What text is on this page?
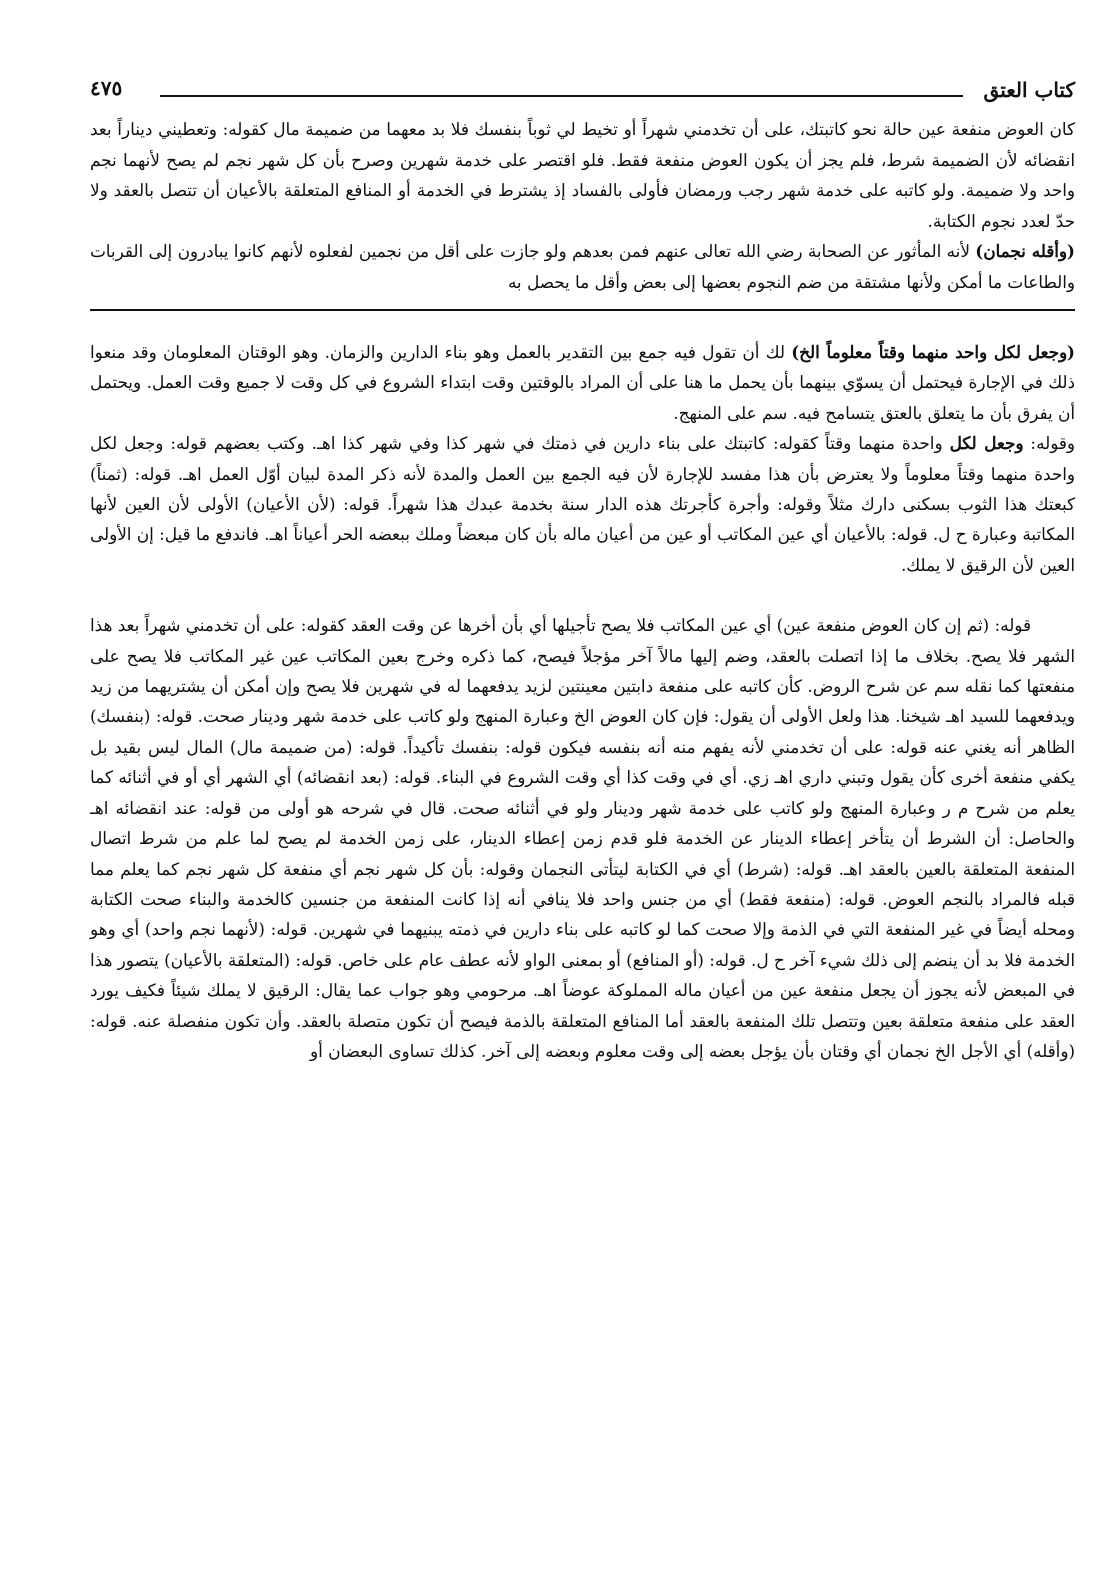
كتاب العتق
٤٧٥

كان العوض منفعة عين حالة نحو كاتبتك، على أن تخدمني شهراً أو تخيط لي ثوباً بنفسك فلا بد معهما من ضميمة مال كقوله: وتعطيني ديناراً بعد انقضائه لأن الضميمة شرط، فلم يجز أن يكون العوض منفعة فقط. فلو اقتصر على خدمة شهرين وصرح بأن كل شهر نجم لم يصح لأنهما نجم واحد ولا ضميمة. ولو كاتبه على خدمة شهر رجب ورمضان فأولى بالفساد إذ يشترط في الخدمة أو المنافع المتعلقة بالأعيان أن تتصل بالعقد ولا حدّ لعدد نجوم الكتابة.

(وأقله نجمان) لأنه المأثور عن الصحابة رضي الله تعالى عنهم فمن بعدهم ولو جازت على أقل من نجمين لفعلوه لأنهم كانوا يبادرون إلى القربات والطاعات ما أمكن ولأنها مشتقة من ضم النجوم بعضها إلى بعض وأقل ما يحصل به

(وجعل لكل واحد منهما وقتاً معلوماً الخ) لك أن تقول فيه جمع بين التقدير بالعمل وهو بناء الدارين والزمان. وهو الوقتان المعلومان وقد منعوا ذلك في الإجارة فيحتمل أن يسوّي بينهما بأن يحمل ما هنا على أن المراد بالوقتين وقت ابتداء الشروع في كل وقت لا جميع وقت العمل. ويحتمل أن يفرق بأن ما يتعلق بالعتق يتسامح فيه. سم على المنهج.

وقوله: وجعل لكل واحدة منهما وقتاً كقوله: كاتبتك على بناء دارين في ذمتك في شهر كذا وفي شهر كذا اهـ. وكتب بعضهم قوله: وجعل لكل واحدة منهما وقتاً معلوماً ولا يعترض بأن هذا مفسد للإجارة لأن فيه الجمع بين العمل والمدة لأنه ذكر المدة لبيان أوّل العمل اهـ. قوله: (ثمناً) كبعتك هذا الثوب بسكنى دارك مثلاً وقوله: وأجرة كأجرتك هذه الدار سنة بخدمة عبدك هذا شهراً. قوله: (لأن الأعيان) الأولى لأن العين لأنها المكاتبة وعبارة ح ل. قوله: بالأعيان أي عين المكاتب أو عين من أعيان ماله بأن كان مبعضاً وملك ببعضه الحر أعياناً اهـ. فاندفع ما قيل: إن الأولى العين لأن الرقيق لا يملك.

قوله: (ثم إن كان العوض منفعة عين) أي عين المكاتب فلا يصح تأجيلها أي بأن أخرها عن وقت العقد كقوله: على أن تخدمني شهراً بعد هذا الشهر فلا يصح. بخلاف ما إذا اتصلت بالعقد، وضم إليها مالاً آخر مؤجلاً فيصح، كما ذكره وخرج بعين المكاتب عين غير المكاتب فلا يصح على منفعتها كما نقله سم عن شرح الروض. كأن كاتبه على منفعة دابتين معينتين لزيد يدفعهما له في شهرين فلا يصح وإن أمكن أن يشتريهما من زيد ويدفعهما للسيد اهـ شيخنا. هذا ولعل الأولى أن يقول: فإن كان العوض الخ وعبارة المنهج ولو كاتب على خدمة شهر ودينار صحت. قوله: (بنفسك) الظاهر أنه يغني عنه قوله: على أن تخدمني لأنه يفهم منه أنه بنفسه فيكون قوله: بنفسك تأكيداً. قوله: (من ضميمة مال) المال ليس بقيد بل يكفي منفعة أخرى كأن يقول وتبني داري اهـ زي. أي في وقت كذا أي وقت الشروع في البناء. قوله: (بعد انقضائه) أي الشهر أي أو في أثنائه كما يعلم من شرح م ر وعبارة المنهج ولو كاتب على خدمة شهر ودينار ولو في أثنائه صحت. قال في شرحه هو أولى من قوله: عند انقضائه اهـ والحاصل: أن الشرط أن يتأخر إعطاء الدينار عن الخدمة فلو قدم زمن إعطاء الدينار، على زمن الخدمة لم يصح لما علم من شرط اتصال المنفعة المتعلقة بالعين بالعقد اهـ. قوله: (شرط) أي في الكتابة ليتأتى النجمان وقوله: بأن كل شهر نجم أي منفعة كل شهر نجم كما يعلم مما قبله فالمراد بالنجم العوض. قوله: (منفعة فقط) أي من جنس واحد فلا ينافي أنه إذا كانت المنفعة من جنسين كالخدمة والبناء صحت الكتابة ومحله أيضاً في غير المنفعة التي في الذمة وإلا صحت كما لو كاتبه على بناء دارين في ذمته يبنيهما في شهرين. قوله: (لأنهما نجم واحد) أي وهو الخدمة فلا بد أن ينضم إلى ذلك شيء آخر ح ل. قوله: (أو المنافع) أو بمعنى الواو لأنه عطف عام على خاص. قوله: (المتعلقة بالأعيان) يتصور هذا في المبعض لأنه يجوز أن يجعل منفعة عين من أعيان ماله المملوكة عوضاً اهـ. مرحومي وهو جواب عما يقال: الرقيق لا يملك شيئاً فكيف يورد العقد على منفعة متعلقة بعين وتتصل تلك المنفعة بالعقد أما المنافع المتعلقة بالذمة فيصح أن تكون متصلة بالعقد. وأن تكون منفصلة عنه. قوله: (وأقله) أي الأجل الخ نجمان أي وقتان بأن يؤجل بعضه إلى وقت معلوم وبعضه إلى آخر. كذلك تساوى البعضان أو
